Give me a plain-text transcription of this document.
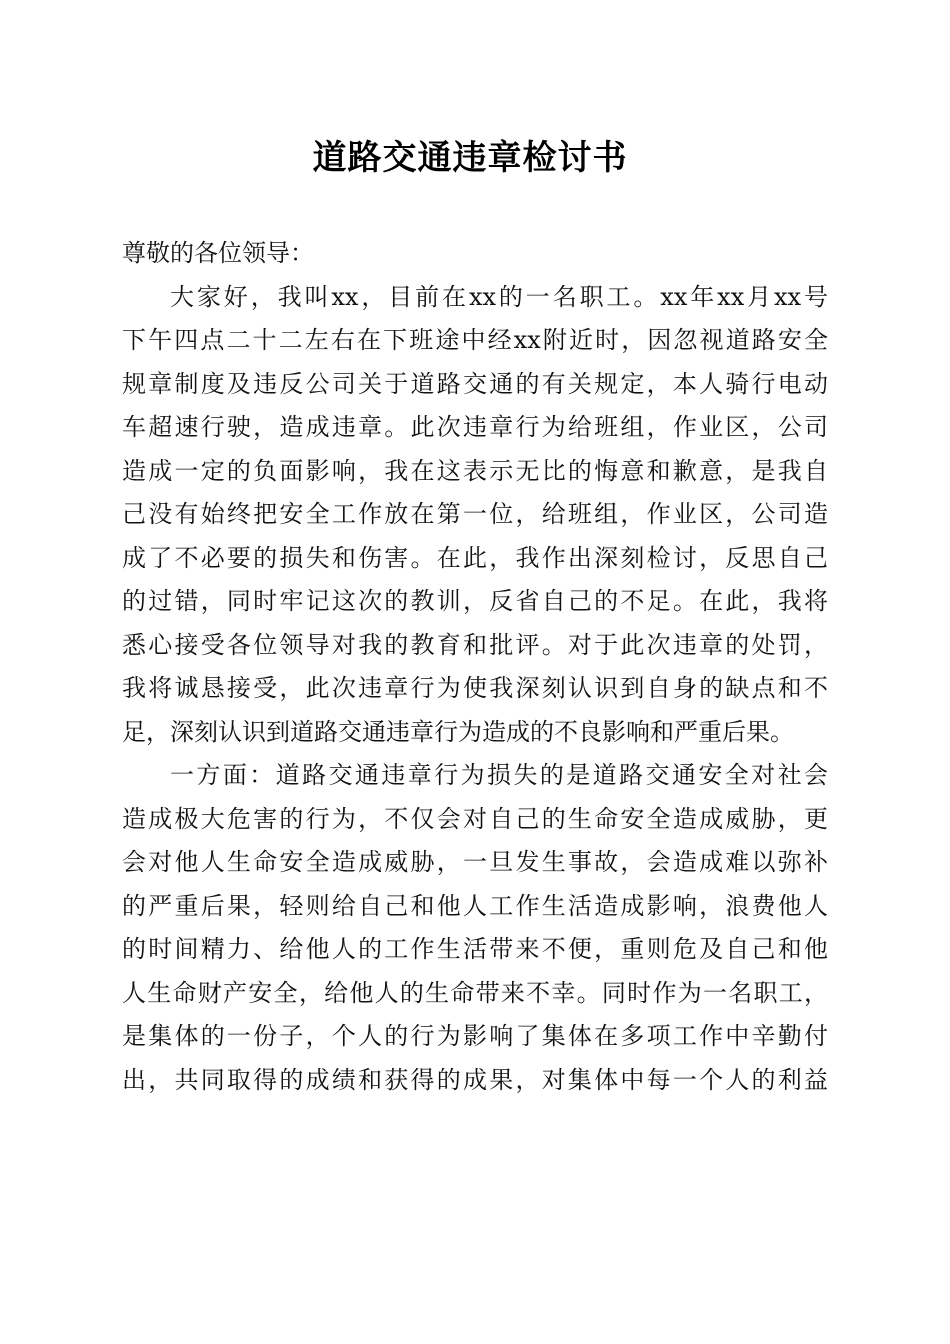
道路交通违章检讨书
尊敬的各位领导：
大家好，我叫xx，目前在xx的一名职工。xx年xx月xx号
下午四点二十二左右在下班途中经xx附近时，因忽视道路安全
规章制度及违反公司关于道路交通的有关规定，本人骑行电动
车超速行驶，造成违章。此次违章行为给班组，作业区，公司
造成一定的负面影响，我在这表示无比的悔意和歉意，是我自
己没有始终把安全工作放在第一位，给班组，作业区，公司造
成了不必要的损失和伤害。在此，我作出深刻检讨，反思自己
的过错，同时牢记这次的教训，反省自己的不足。在此，我将
悉心接受各位领导对我的教育和批评。对于此次违章的处罚，
我将诚恳接受，此次违章行为使我深刻认识到自身的缺点和不
足，深刻认识到道路交通违章行为造成的不良影响和严重后果。
一方面：道路交通违章行为损失的是道路交通安全对社会
造成极大危害的行为，不仅会对自己的生命安全造成威胁，更
会对他人生命安全造成威胁，一旦发生事故，会造成难以弥补
的严重后果，轻则给自己和他人工作生活造成影响，浪费他人
的时间精力、给他人的工作生活带来不便，重则危及自己和他
人生命财产安全，给他人的生命带来不幸。同时作为一名职工，
是集体的一份子，个人的行为影响了集体在多项工作中辛勤付
出，共同取得的成绩和获得的成果，对集体中每一个人的利益
